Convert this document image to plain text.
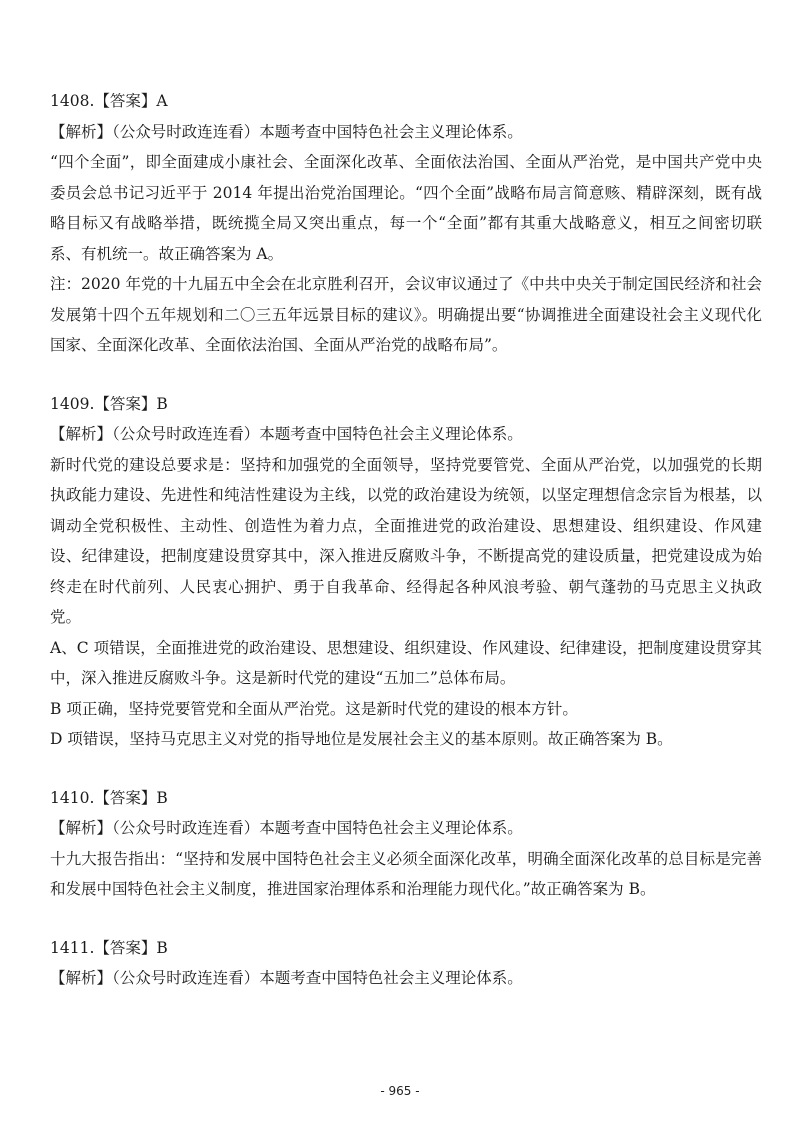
1408.【答案】A

【解析】（公众号时政连连看）本题考查中国特色社会主义理论体系。

“四个全面”，即全面建成小康社会、全面深化改革、全面依法治国、全面从严治党，是中国共产党中央委员会总书记习近平于 2014 年提出治党治国理论。“四个全面”战略布局言简意赅、精辟深刻，既有战略目标又有战略举措，既统揽全局又突出重点，每一个“全面”都有其重大战略意义，相互之间密切联系、有机统一。故正确答案为 A。

注：2020 年党的十九届五中全会在北京胜利召开，会议审议通过了《中共中央关于制定国民经济和社会发展第十四个五年规划和二〇三五年远景目标的建议》。明确提出要“协调推进全面建设社会主义现代化国家、全面深化改革、全面依法治国、全面从严治党的战略布局”。

1409.【答案】B

【解析】（公众号时政连连看）本题考查中国特色社会主义理论体系。

新时代党的建设总要求是：坚持和加强党的全面领导，坚持党要管党、全面从严治党，以加强党的长期执政能力建设、先进性和纯洁性建设为主线，以党的政治建设为统领，以坚定理想信念宗旨为根基，以调动全党积极性、主动性、创造性为着力点，全面推进党的政治建设、思想建设、组织建设、作风建设、纪律建设，把制度建设贯穿其中，深入推进反腐败斗争，不断提高党的建设质量，把党建设成为始终走在时代前列、人民衷心拥护、勇于自我革命、经得起各种风浪考验、朝气蓬勃的马克思主义执政党。

A、C 项错误，全面推进党的政治建设、思想建设、组织建设、作风建设、纪律建设，把制度建设贯穿其中，深入推进反腐败斗争。这是新时代党的建设“五加二”总体布局。

B 项正确，坚持党要管党和全面从严治党。这是新时代党的建设的根本方针。

D 项错误，坚持马克思主义对党的指导地位是发展社会主义的基本原则。故正确答案为 B。

1410.【答案】B

【解析】（公众号时政连连看）本题考查中国特色社会主义理论体系。

十九大报告指出：“坚持和发展中国特色社会主义必须全面深化改革，明确全面深化改革的总目标是完善和发展中国特色社会主义制度，推进国家治理体系和治理能力现代化。”故正确答案为 B。

1411.【答案】B

【解析】（公众号时政连连看）本题考查中国特色社会主义理论体系。

- 965 -
